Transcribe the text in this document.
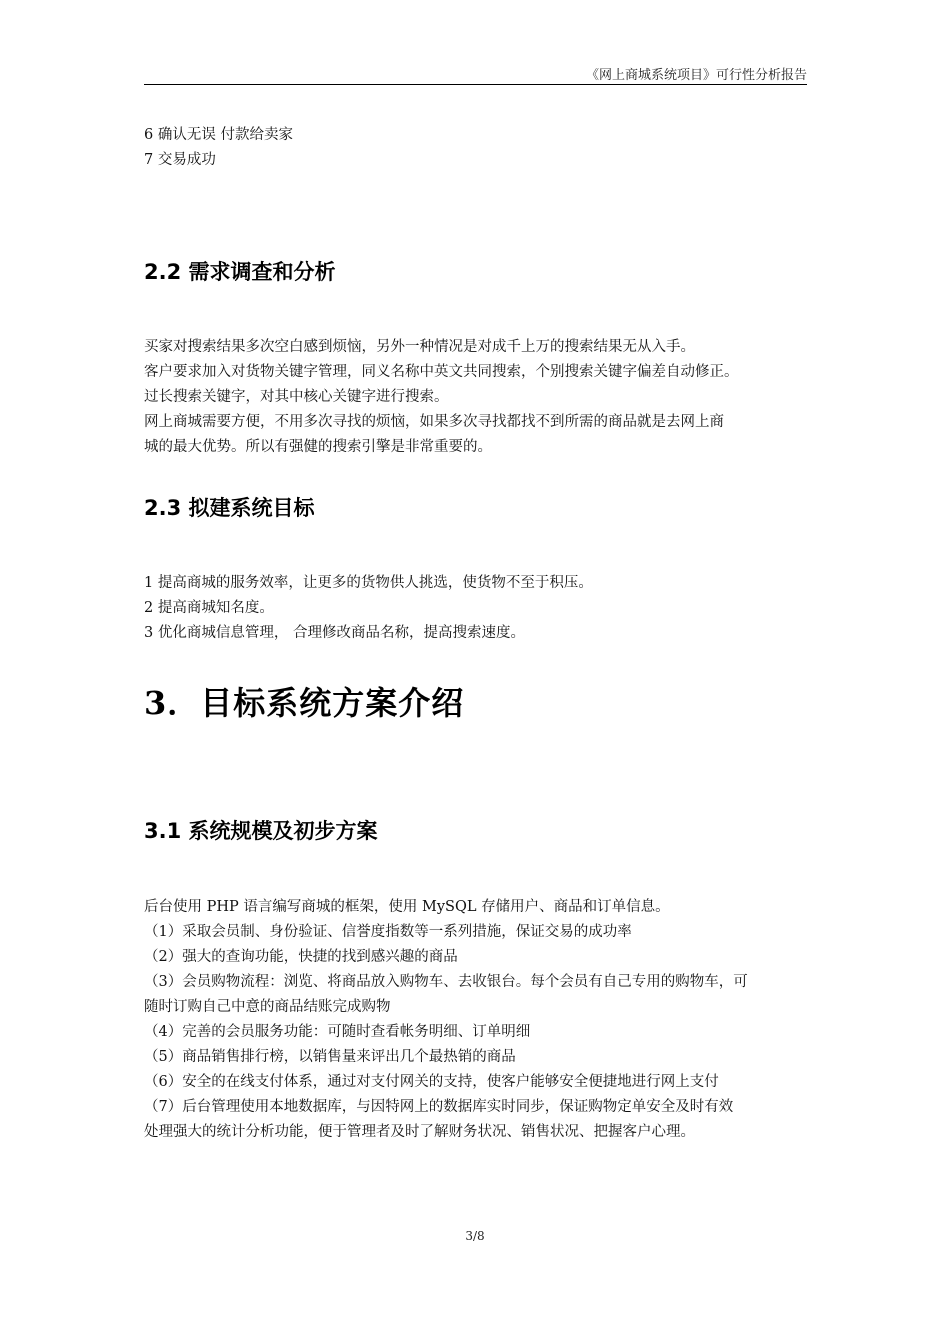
《网上商城系统项目》可行性分析报告
6 确认无误 付款给卖家
7 交易成功
2.2 需求调查和分析
买家对搜索结果多次空白感到烦恼，另外一种情况是对成千上万的搜索结果无从入手。
客户要求加入对货物关键字管理，同义名称中英文共同搜索，个别搜索关键字偏差自动修正。
过长搜索关键字，对其中核心关键字进行搜索。
网上商城需要方便，不用多次寻找的烦恼，如果多次寻找都找不到所需的商品就是去网上商
城的最大优势。所以有强健的搜索引擎是非常重要的。
2.3 拟建系统目标
1 提高商城的服务效率，让更多的货物供人挑选，使货物不至于积压。
2 提高商城知名度。
3 优化商城信息管理， 合理修改商品名称，提高搜索速度。
3．目标系统方案介绍
3.1 系统规模及初步方案
后台使用 PHP 语言编写商城的框架，使用 MySQL 存储用户、商品和订单信息。
（1）采取会员制、身份验证、信誉度指数等一系列措施，保证交易的成功率
（2）强大的查询功能，快捷的找到感兴趣的商品
（3）会员购物流程：浏览、将商品放入购物车、去收银台。每个会员有自己专用的购物车，可
随时订购自己中意的商品结账完成购物
（4）完善的会员服务功能：可随时查看帐务明细、订单明细
（5）商品销售排行榜，以销售量来评出几个最热销的商品
（6）安全的在线支付体系，通过对支付网关的支持，使客户能够安全便捷地进行网上支付
（7）后台管理使用本地数据库，与因特网上的数据库实时同步，保证购物定单安全及时有效
处理强大的统计分析功能，便于管理者及时了解财务状况、销售状况、把握客户心理。
3/8
